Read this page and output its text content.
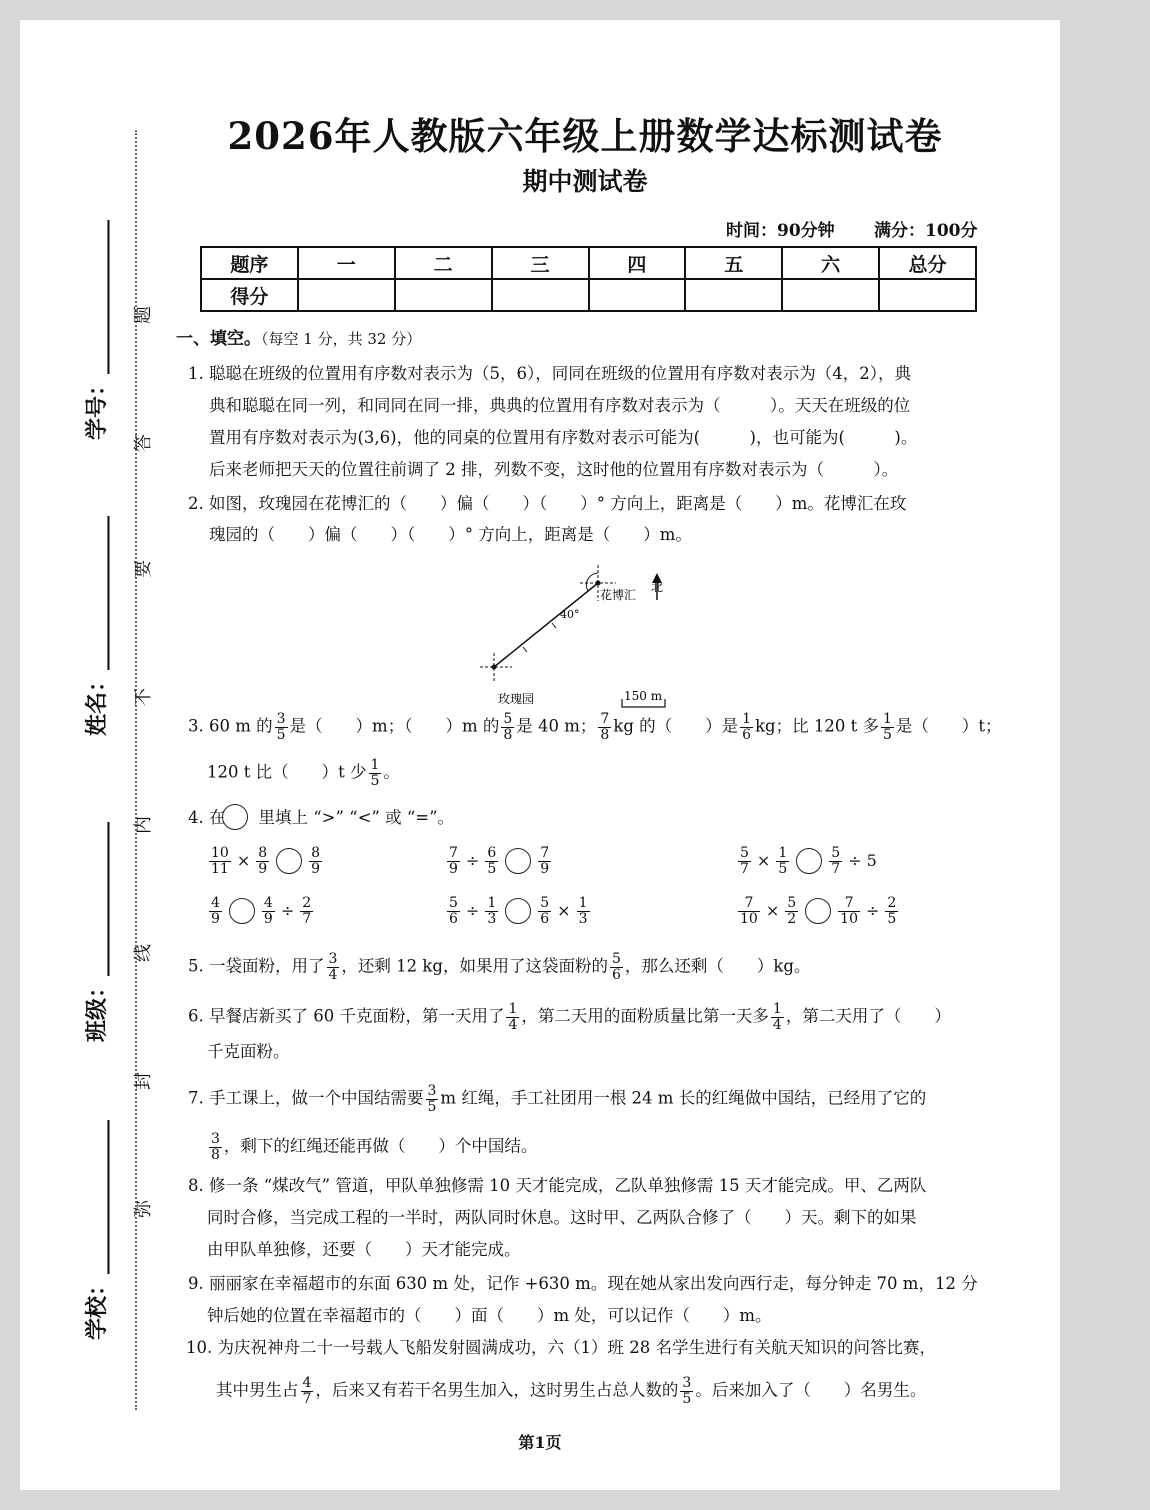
题
答
要
不
内
线
封
弥
学号：______________
姓名：______________
班级：______________
学校：______________
2026年人教版六年级上册数学达标测试卷
期中测试卷
时间：90分钟 满分：100分
题序	一	二	三	四	五	六	总分
得分							
一、填空。（每空 1 分，共 32 分）
1. 聪聪在班级的位置用有序数对表示为（5，6），同同在班级的位置用有序数对表示为（4，2），典
典和聪聪在同一列，和同同在同一排，典典的位置用有序数对表示为（　　　）。天天在班级的位
置用有序数对表示为(3,6)，他的同桌的位置用有序数对表示可能为(　　　)，也可能为(　　　)。
后来老师把天天的位置往前调了 2 排，列数不变，这时他的位置用有序数对表示为（　　　）。
2. 如图，玫瑰园在花博汇的（　　）偏（　　）（　　）° 方向上，距离是（　　）m。花博汇在玫
瑰园的（　　）偏（　　）（　　）° 方向上，距离是（　　）m。
花博汇
北
40°
玫瑰园	150 m
3. 60 m 的 $\frac{3}{5}$ 是（　　）m；（　　）m 的 $\frac{5}{8}$ 是 40 m； $\frac{7}{8}$ kg 的（　　）是 $\frac{1}{6}$ kg；比 120 t 多 $\frac{1}{5}$ 是（　　）t；
120 t 比（　　）t 少 $\frac{1}{5}$ 。
4. 在　　里填上 “>” “<” 或 “=”。
$\frac{10}{11} \times \frac{8}{9}$	$\frac{8}{9}$	$\frac{7}{9} \div \frac{6}{5}$	$\frac{7}{9}$	$\frac{5}{7} \times \frac{1}{5}$	$\frac{5}{7} \div 5$
$\frac{4}{9}$	$\frac{4}{9} \div \frac{2}{7}$	$\frac{5}{6} \div \frac{1}{3}$	$\frac{5}{6} \times \frac{1}{3}$	$\frac{7}{10} \times \frac{5}{2}$	$\frac{7}{10} \div \frac{2}{5}$
5. 一袋面粉，用了 $\frac{3}{4}$ ，还剩 12 kg，如果用了这袋面粉的 $\frac{5}{6}$ ，那么还剩（　　）kg。
6. 早餐店新买了 60 千克面粉，第一天用了 $\frac{1}{4}$ ，第二天用的面粉质量比第一天多 $\frac{1}{4}$ ，第二天用了（　　）
千克面粉。
7. 手工课上，做一个中国结需要 $\frac{3}{5}$ m 红绳，手工社团用一根 24 m 长的红绳做中国结，已经用了它的
$\frac{3}{8}$ ，剩下的红绳还能再做（　　）个中国结。
8. 修一条 “煤改气” 管道，甲队单独修需 10 天才能完成，乙队单独修需 15 天才能完成。甲、乙两队
同时合修，当完成工程的一半时，两队同时休息。这时甲、乙两队合修了（　　）天。剩下的如果
由甲队单独修，还要（　　）天才能完成。
9. 丽丽家在幸福超市的东面 630 m 处，记作 +630 m。现在她从家出发向西行走，每分钟走 70 m，12 分
钟后她的位置在幸福超市的（　　）面（　　）m 处，可以记作（　　）m。
10. 为庆祝神舟二十一号载人飞船发射圆满成功，六（1）班 28 名学生进行有关航天知识的问答比赛，
其中男生占 $\frac{4}{7}$ ，后来又有若干名男生加入，这时男生占总人数的 $\frac{3}{5}$ 。后来加入了（　　）名男生。
第1页
